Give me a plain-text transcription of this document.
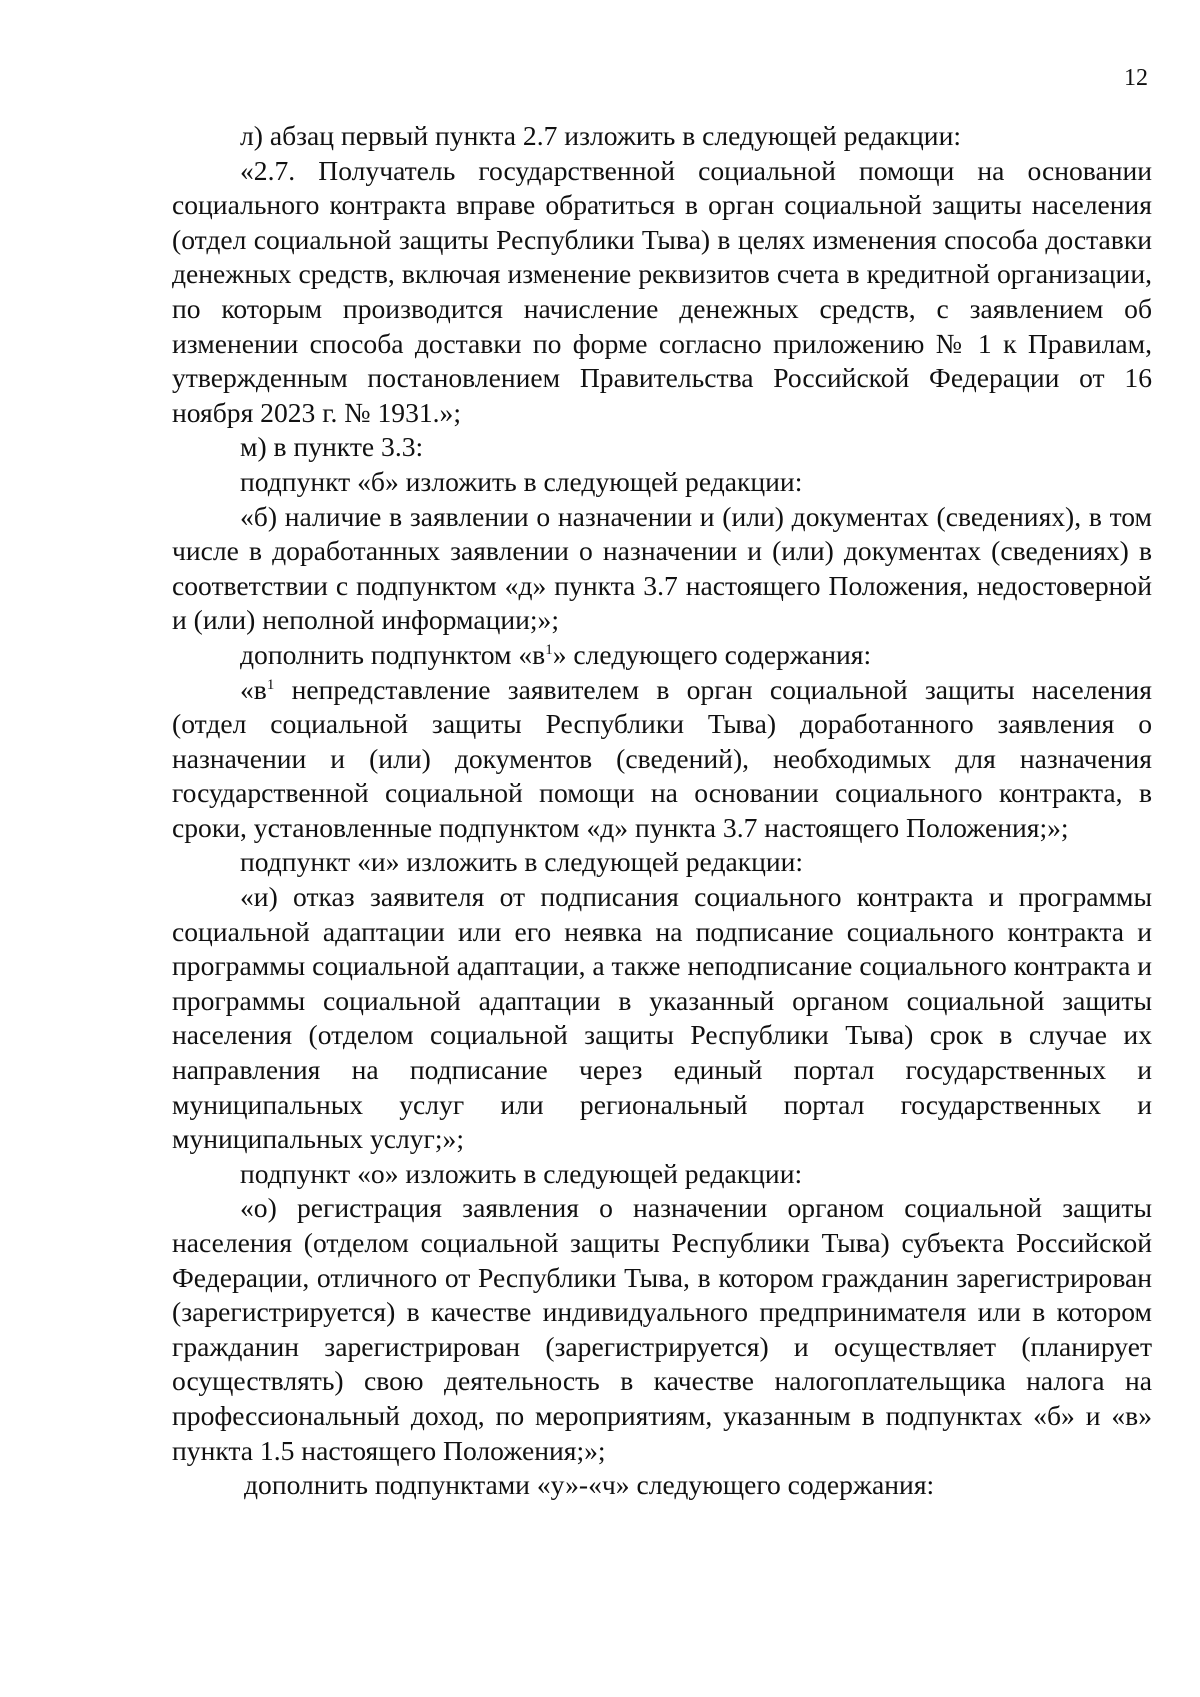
12

л) абзац первый пункта 2.7 изложить в следующей редакции:

«2.7. Получатель государственной социальной помощи на основании социального контракта вправе обратиться в орган социальной защиты населения (отдел социальной защиты Республики Тыва) в целях изменения способа доставки денежных средств, включая изменение реквизитов счета в кредитной организации, по которым производится начисление денежных средств, с заявлением об изменении способа доставки по форме согласно приложению № 1 к Правилам, утвержденным постановлением Правительства Российской Федерации от 16 ноября 2023 г. № 1931.»;

м) в пункте 3.3:

подпункт «б» изложить в следующей редакции:

«б) наличие в заявлении о назначении и (или) документах (сведениях), в том числе в доработанных заявлении о назначении и (или) документах (сведениях) в соответствии с подпунктом «д» пункта 3.7 настоящего Положения, недостоверной и (или) неполной информации;»;

дополнить подпунктом «$в^1$» следующего содержания:

«$в^1$ непредставление заявителем в орган социальной защиты населения (отдел социальной защиты Республики Тыва) доработанного заявления о назначении и (или) документов (сведений), необходимых для назначения государственной социальной помощи на основании социального контракта, в сроки, установленные подпунктом «д» пункта 3.7 настоящего Положения;»;

подпункт «и» изложить в следующей редакции:

«и) отказ заявителя от подписания социального контракта и программы социальной адаптации или его неявка на подписание социального контракта и программы социальной адаптации, а также неподписание социального контракта и программы социальной адаптации в указанный органом социальной защиты населения (отделом социальной защиты Республики Тыва) срок в случае их направления на подписание через единый портал государственных и муниципальных услуг или региональный портал государственных и муниципальных услуг;»;

подпункт «о» изложить в следующей редакции:

«о) регистрация заявления о назначении органом социальной защиты населения (отделом социальной защиты Республики Тыва) субъекта Российской Федерации, отличного от Республики Тыва, в котором гражданин зарегистрирован (зарегистрируется) в качестве индивидуального предпринимателя или в котором гражданин зарегистрирован (зарегистрируется) и осуществляет (планирует осуществлять) свою деятельность в качестве налогоплательщика налога на профессиональный доход, по мероприятиям, указанным в подпунктах «б» и «в» пункта 1.5 настоящего Положения;»;

дополнить подпунктами «у»-«ч» следующего содержания:
